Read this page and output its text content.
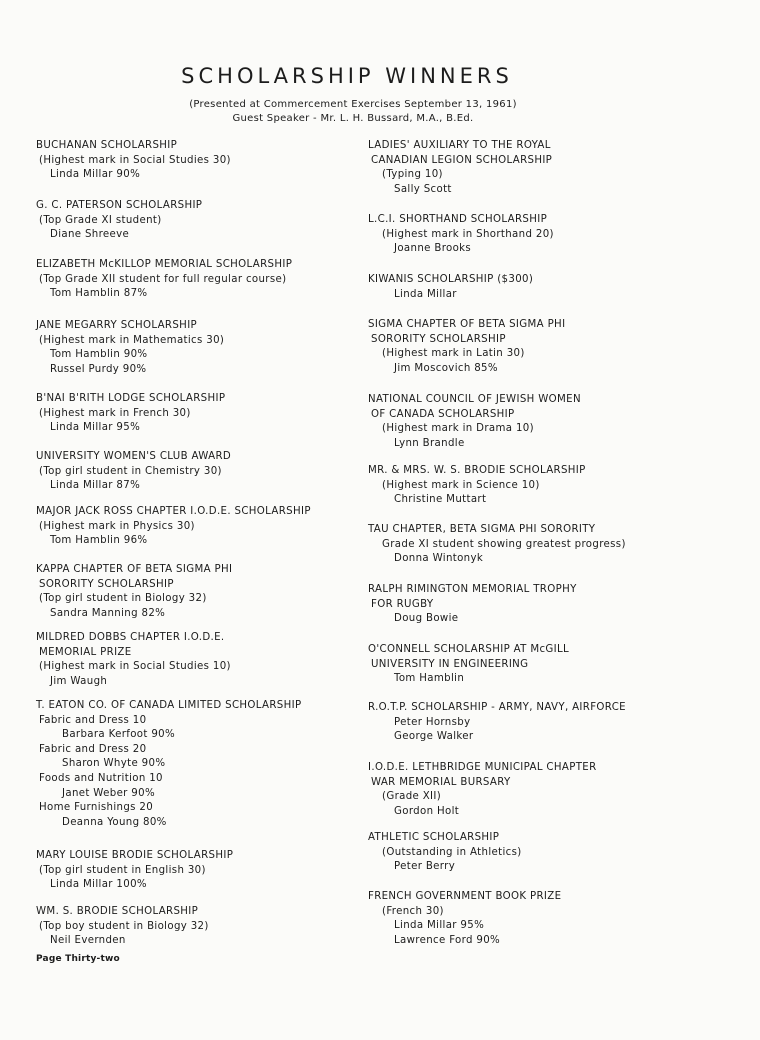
SCHOLARSHIP WINNERS
(Presented at Commercement Exercises September 13, 1961)
Guest Speaker - Mr. L. H. Bussard, M.A., B.Ed.
BUCHANAN SCHOLARSHIP
(Highest mark in Social Studies 30)
Linda Millar 90%
G. C. PATERSON SCHOLARSHIP
(Top Grade XI student)
Diane Shreeve
ELIZABETH McKILLOP MEMORIAL SCHOLARSHIP
(Top Grade XII student for full regular course)
Tom Hamblin 87%
JANE MEGARRY SCHOLARSHIP
(Highest mark in Mathematics 30)
Tom Hamblin 90%
Russel Purdy 90%
B'NAI B'RITH LODGE SCHOLARSHIP
(Highest mark in French 30)
Linda Millar 95%
UNIVERSITY WOMEN'S CLUB AWARD
(Top girl student in Chemistry 30)
Linda Millar 87%
MAJOR JACK ROSS CHAPTER I.O.D.E. SCHOLARSHIP
(Highest mark in Physics 30)
Tom Hamblin 96%
KAPPA CHAPTER OF BETA SIGMA PHI
SORORITY SCHOLARSHIP
(Top girl student in Biology 32)
Sandra Manning 82%
MILDRED DOBBS CHAPTER I.O.D.E.
MEMORIAL PRIZE
(Highest mark in Social Studies 10)
Jim Waugh
T. EATON CO. OF CANADA LIMITED SCHOLARSHIP
Fabric and Dress 10
Barbara Kerfoot 90%
Fabric and Dress 20
Sharon Whyte 90%
Foods and Nutrition 10
Janet Weber 90%
Home Furnishings 20
Deanna Young 80%
MARY LOUISE BRODIE SCHOLARSHIP
(Top girl student in English 30)
Linda Millar 100%
WM. S. BRODIE SCHOLARSHIP
(Top boy student in Biology 32)
Neil Evernden
LADIES' AUXILIARY TO THE ROYAL
CANADIAN LEGION SCHOLARSHIP
(Typing 10)
Sally Scott
L.C.I. SHORTHAND SCHOLARSHIP
(Highest mark in Shorthand 20)
Joanne Brooks
KIWANIS SCHOLARSHIP ($300)
Linda Millar
SIGMA CHAPTER OF BETA SIGMA PHI
SORORITY SCHOLARSHIP
(Highest mark in Latin 30)
Jim Moscovich 85%
NATIONAL COUNCIL OF JEWISH WOMEN
OF CANADA SCHOLARSHIP
(Highest mark in Drama 10)
Lynn Brandle
MR. & MRS. W. S. BRODIE SCHOLARSHIP
(Highest mark in Science 10)
Christine Muttart
TAU CHAPTER, BETA SIGMA PHI SORORITY
Grade XI student showing greatest progress)
Donna Wintonyk
RALPH RIMINGTON MEMORIAL TROPHY
FOR RUGBY
Doug Bowie
O'CONNELL SCHOLARSHIP AT McGILL
UNIVERSITY IN ENGINEERING
Tom Hamblin
R.O.T.P. SCHOLARSHIP - ARMY, NAVY, AIRFORCE
Peter Hornsby
George Walker
I.O.D.E. LETHBRIDGE MUNICIPAL CHAPTER
WAR MEMORIAL BURSARY
(Grade XII)
Gordon Holt
ATHLETIC SCHOLARSHIP
(Outstanding in Athletics)
Peter Berry
FRENCH GOVERNMENT BOOK PRIZE
(French 30)
Linda Millar 95%
Lawrence Ford 90%
Page Thirty-two
